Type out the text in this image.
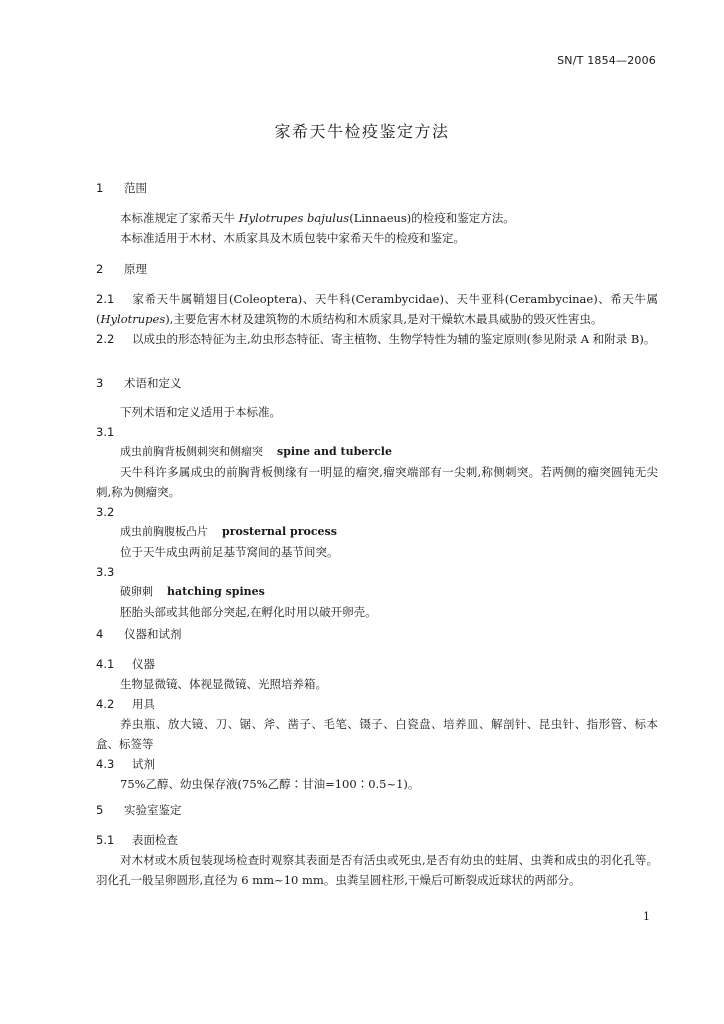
SN/T 1854—2006
家希天牛检疫鉴定方法
1 范围
本标准规定了家希天牛 Hylotrupes bajulus(Linnaeus)的检疫和鉴定方法。
本标准适用于木材、木质家具及木质包装中家希天牛的检疫和鉴定。
2 原理
2.1 家希天牛属鞘翅目(Coleoptera)、天牛科(Cerambycidae)、天牛亚科(Cerambycinae)、希天牛属(Hylotrupes),主要危害木材及建筑物的木质结构和木质家具,是对干燥软木最具威胁的毁灭性害虫。
2.2 以成虫的形态特征为主,幼虫形态特征、寄主植物、生物学特性为辅的鉴定原则(参见附录 A 和附录 B)。
3 术语和定义
下列术语和定义适用于本标准。
3.1
成虫前胸背板侧刺突和侧瘤突 spine and tubercle
天牛科许多属成虫的前胸背板侧缘有一明显的瘤突,瘤突端部有一尖刺,称侧刺突。若两侧的瘤突圆钝无尖刺,称为侧瘤突。
3.2
成虫前胸腹板凸片 prosternal process
位于天牛成虫两前足基节窝间的基节间突。
3.3
破卵刺 hatching spines
胚胎头部或其他部分突起,在孵化时用以破开卵壳。
4 仪器和试剂
4.1 仪器
生物显微镜、体视显微镜、光照培养箱。
4.2 用具
养虫瓶、放大镜、刀、锯、斧、凿子、毛笔、镊子、白瓷盘、培养皿、解剖针、昆虫针、指形管、标本盒、标签等
4.3 试剂
75%乙醇、幼虫保存液(75%乙醇∶甘油=100∶0.5~1)。
5 实验室鉴定
5.1 表面检查
对木材或木质包装现场检查时观察其表面是否有活虫或死虫,是否有幼虫的蛀屑、虫粪和成虫的羽化孔等。羽化孔一般呈卵圆形,直径为 6 mm~10 mm。虫粪呈圆柱形,干燥后可断裂成近球状的两部分。
1
